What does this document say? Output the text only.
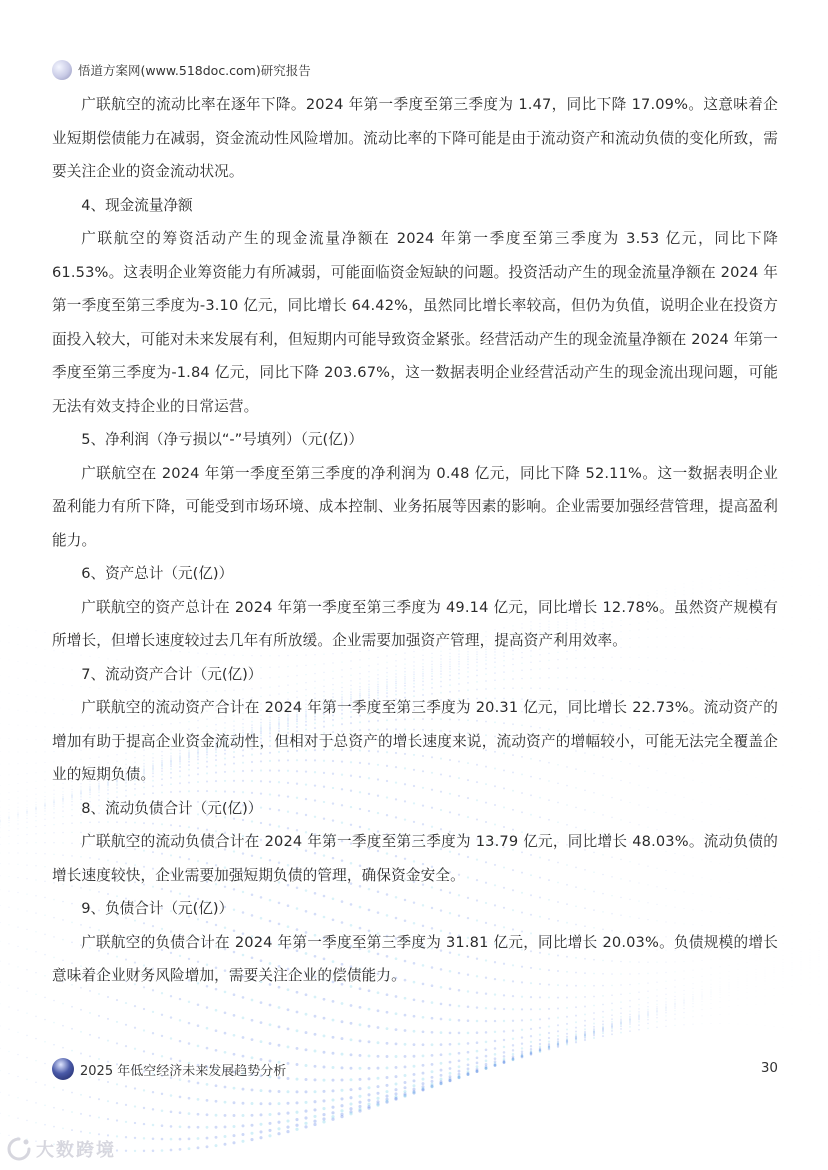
悟道方案网(www.518doc.com)研究报告

广联航空的流动比率在逐年下降。2024 年第一季度至第三季度为 1.47，同比下降 17.09%。这意味着企业短期偿债能力在减弱，资金流动性风险增加。流动比率的下降可能是由于流动资产和流动负债的变化所致，需要关注企业的资金流动状况。

4、现金流量净额

广联航空的筹资活动产生的现金流量净额在 2024 年第一季度至第三季度为 3.53 亿元，同比下降 61.53%。这表明企业筹资能力有所减弱，可能面临资金短缺的问题。投资活动产生的现金流量净额在 2024 年第一季度至第三季度为-3.10 亿元，同比增长 64.42%，虽然同比增长率较高，但仍为负值，说明企业在投资方面投入较大，可能对未来发展有利，但短期内可能导致资金紧张。经营活动产生的现金流量净额在 2024 年第一季度至第三季度为-1.84 亿元，同比下降 203.67%，这一数据表明企业经营活动产生的现金流出现问题，可能无法有效支持企业的日常运营。

5、净利润（净亏损以“-”号填列）（元(亿)）

广联航空在 2024 年第一季度至第三季度的净利润为 0.48 亿元，同比下降 52.11%。这一数据表明企业盈利能力有所下降，可能受到市场环境、成本控制、业务拓展等因素的影响。企业需要加强经营管理，提高盈利能力。

6、资产总计（元(亿)）

广联航空的资产总计在 2024 年第一季度至第三季度为 49.14 亿元，同比增长 12.78%。虽然资产规模有所增长，但增长速度较过去几年有所放缓。企业需要加强资产管理，提高资产利用效率。

7、流动资产合计（元(亿)）

广联航空的流动资产合计在 2024 年第一季度至第三季度为 20.31 亿元，同比增长 22.73%。流动资产的增加有助于提高企业资金流动性，但相对于总资产的增长速度来说，流动资产的增幅较小，可能无法完全覆盖企业的短期负债。

8、流动负债合计（元(亿)）

广联航空的流动负债合计在 2024 年第一季度至第三季度为 13.79 亿元，同比增长 48.03%。流动负债的增长速度较快，企业需要加强短期负债的管理，确保资金安全。

9、负债合计（元(亿)）

广联航空的负债合计在 2024 年第一季度至第三季度为 31.81 亿元，同比增长 20.03%。负债规模的增长意味着企业财务风险增加，需要关注企业的偿债能力。

2025 年低空经济未来发展趋势分析	30
大数跨境
